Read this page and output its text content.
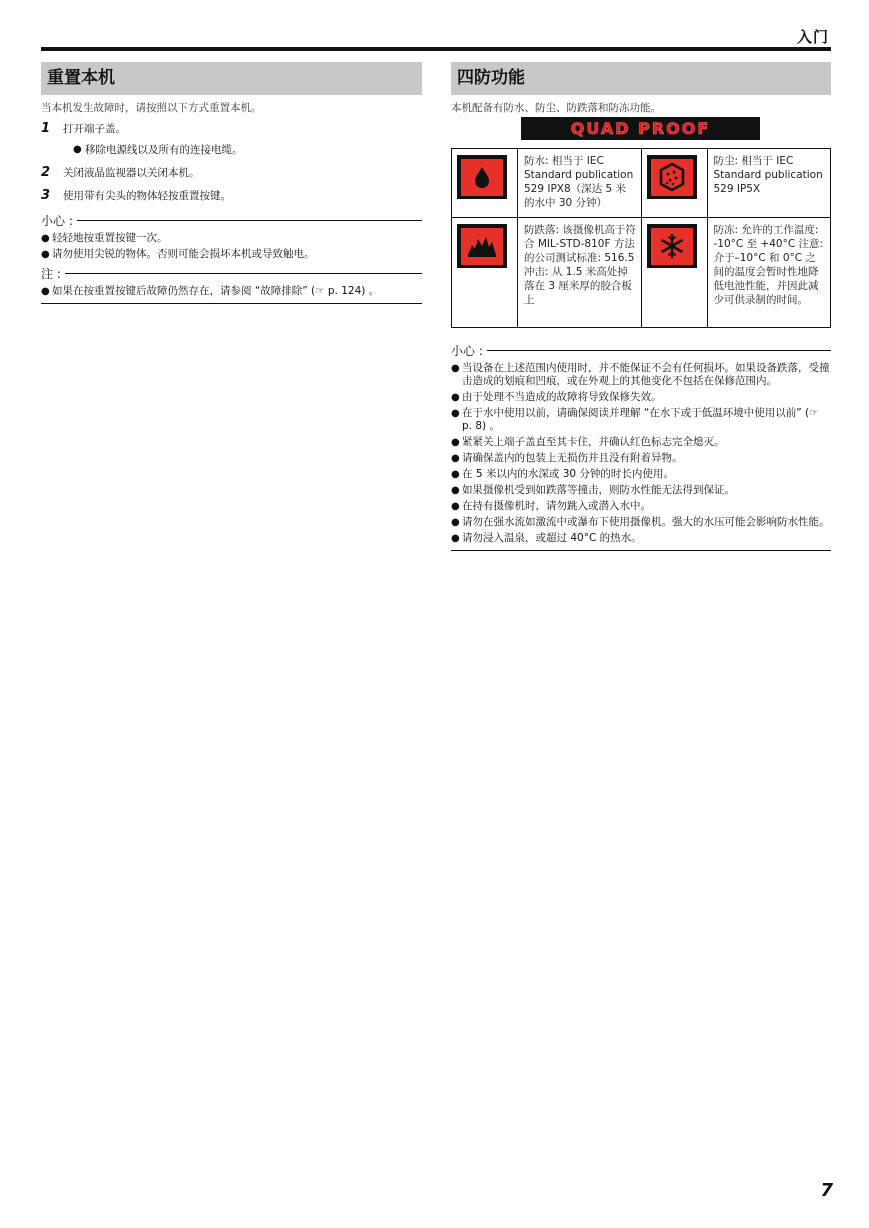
入门
重置本机

当本机发生故障时，请按照以下方式重置本机。

1	打开端子盖。
● 移除电源线以及所有的连接电缆。
2	关闭液晶监视器以关闭本机。
3	使用带有尖头的物体轻按重置按键。
小心 :
● 轻轻地按重置按键一次。
● 请勿使用尖锐的物体。否则可能会损坏本机或导致触电。
注 :
● 如果在按重置按键后故障仍然存在，请参阅 “故障排除” (☞ p. 124) 。
四防功能

本机配备有防水、防尘、防跌落和防冻功能。

QUAD PROOF
	防水: 相当于 IEC Standard publication 529 IPX8（深达 5 米的水中 30 分钟）		防尘: 相当于 IEC Standard publication 529 IP5X

	防跌落: 该摄像机高于符合 MIL-STD-810F 方法的公司测试标准: 516.5 冲击: 从 1.5 米高处掉落在 3 厘米厚的胶合板上		防冻: 允许的工作温度: -10°C 至 +40°C 注意: 介于–10°C 和 0°C 之间的温度会暂时性地降低电池性能，并因此减少可供录制的时间。
小心 :
● 当设备在上述范围内使用时，并不能保证不会有任何损坏。如果设备跌落，受撞击造成的划痕和凹痕，或在外观上的其他变化不包括在保修范围内。
● 由于处理不当造成的故障将导致保修失效。
● 在于水中使用以前，请确保阅读并理解 “在水下或于低温环境中使用以前” (☞ p. 8) 。
● 紧紧关上端子盖直至其卡住，并确认红色标志完全熄灭。
● 请确保盖内的包装上无损伤并且没有附着异物。
● 在 5 米以内的水深或 30 分钟的时长内使用。
● 如果摄像机受到如跌落等撞击，则防水性能无法得到保证。
● 在持有摄像机时，请勿跳入或潜入水中。
● 请勿在强水流如激流中或瀑布下使用摄像机。强大的水压可能会影响防水性能。
● 请勿浸入温泉，或超过 40°C 的热水。
7
